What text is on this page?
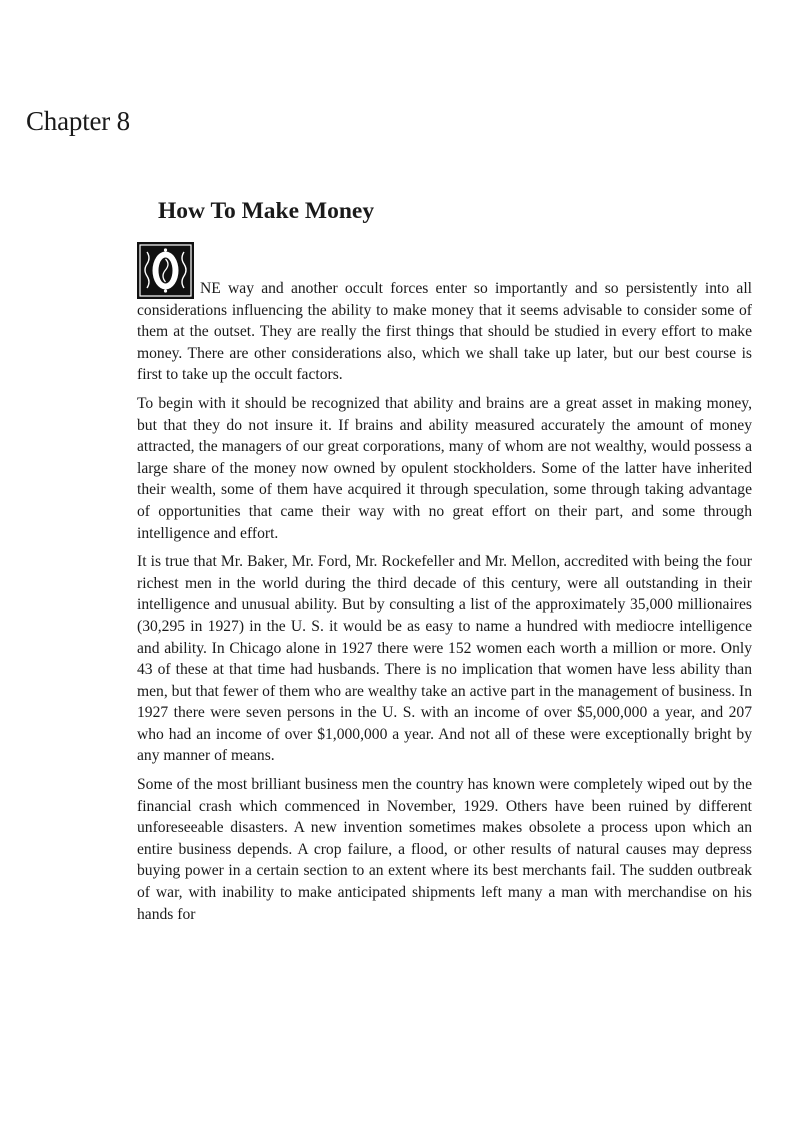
Chapter 8
How To Make Money

NE way and another occult forces enter so importantly and so persistently into all considerations influencing the ability to make money that it seems advisable to consider some of them at the outset. They are really the first things that should be studied in every effort to make money. There are other considerations also, which we shall take up later, but our best course is first to take up the occult factors.

To begin with it should be recognized that ability and brains are a great asset in making money, but that they do not insure it. If brains and ability measured accurately the amount of money attracted, the managers of our great corporations, many of whom are not wealthy, would possess a large share of the money now owned by opulent stockholders. Some of the latter have inherited their wealth, some of them have acquired it through speculation, some through taking advantage of opportunities that came their way with no great effort on their part, and some through intelligence and effort.

It is true that Mr. Baker, Mr. Ford, Mr. Rockefeller and Mr. Mellon, accredited with being the four richest men in the world during the third decade of this century, were all outstanding in their intelligence and unusual ability. But by consulting a list of the approximately 35,000 millionaires (30,295 in 1927) in the U. S. it would be as easy to name a hundred with mediocre intelligence and ability. In Chicago alone in 1927 there were 152 women each worth a million or more. Only 43 of these at that time had husbands. There is no implication that women have less ability than men, but that fewer of them who are wealthy take an active part in the management of business. In 1927 there were seven persons in the U. S. with an income of over $5,000,000 a year, and 207 who had an income of over $1,000,000 a year. And not all of these were exceptionally bright by any manner of means.

Some of the most brilliant business men the country has known were completely wiped out by the financial crash which commenced in November, 1929. Others have been ruined by different unforeseeable disasters. A new invention sometimes makes obsolete a process upon which an entire business depends. A crop failure, a flood, or other results of natural causes may depress buying power in a certain section to an extent where its best merchants fail. The sudden outbreak of war, with inability to make anticipated shipments left many a man with merchandise on his hands for
